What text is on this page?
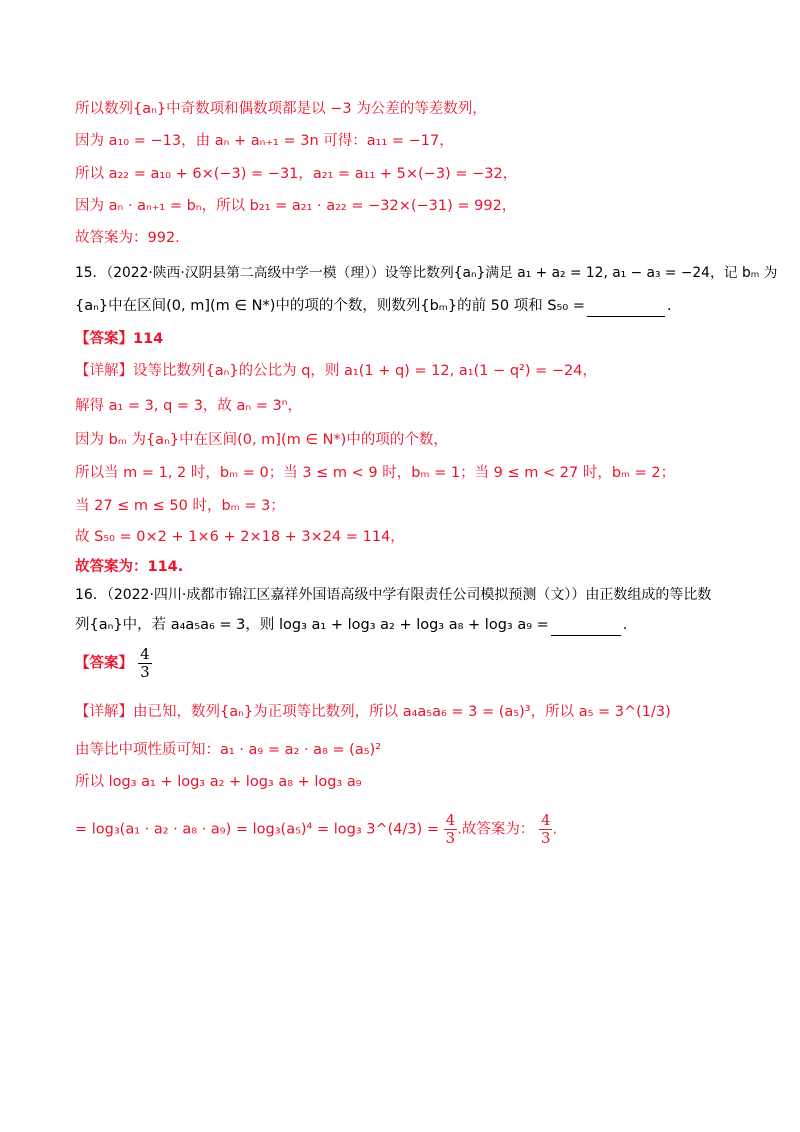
所以数列{aₙ}中奇数项和偶数项都是以 −3 为公差的等差数列，
因为 a₁₀ = −13，由 aₙ + aₙ₊₁ = 3n 可得：a₁₁ = −17，
所以 a₂₂ = a₁₀ + 6×(−3) = −31，a₂₁ = a₁₁ + 5×(−3) = −32，
因为 aₙ · aₙ₊₁ = bₙ，所以 b₂₁ = a₂₁ · a₂₂ = −32×(−31) = 992，
故答案为：992.
15．（2022·陕西·汉阴县第二高级中学一模（理））设等比数列{aₙ}满足 a₁ + a₂ = 12, a₁ − a₃ = −24，记 bₘ 为
{aₙ}中在区间(0, m](m ∈ N*)中的项的个数，则数列{bₘ}的前 50 项和 S₅₀ =	.
【答案】114
【详解】设等比数列{aₙ}的公比为 q，则 a₁(1 + q) = 12, a₁(1 − q²) = −24，
解得 a₁ = 3, q = 3，故 aₙ = 3ⁿ，
因为 bₘ 为{aₙ}中在区间(0, m](m ∈ N*)中的项的个数，
所以当 m = 1, 2 时，bₘ = 0；当 3 ≤ m < 9 时，bₘ = 1；当 9 ≤ m < 27 时，bₘ = 2；
当 27 ≤ m ≤ 50 时，bₘ = 3；
故 S₅₀ = 0×2 + 1×6 + 2×18 + 3×24 = 114，
故答案为：114.
16．（2022·四川·成都市锦江区嘉祥外国语高级中学有限责任公司模拟预测（文））由正数组成的等比数
列{aₙ}中，若 a₄a₅a₆ = 3，则 log₃ a₁ + log₃ a₂ + log₃ a₈ + log₃ a₉ =	.
【答案】 $\frac{4}{3}$
【详解】由已知，数列{aₙ}为正项等比数列，所以 a₄a₅a₆ = 3 = (a₅)³，所以 a₅ = 3^(1/3)
由等比中项性质可知：a₁ · a₉ = a₂ · a₈ = (a₅)²
所以 log₃ a₁ + log₃ a₂ + log₃ a₈ + log₃ a₉
= log₃(a₁ · a₂ · a₈ · a₉) = log₃(a₅)⁴ = log₃ 3^(4/3) = $\frac{4}{3}$ .故答案为： $\frac{4}{3}$ .
